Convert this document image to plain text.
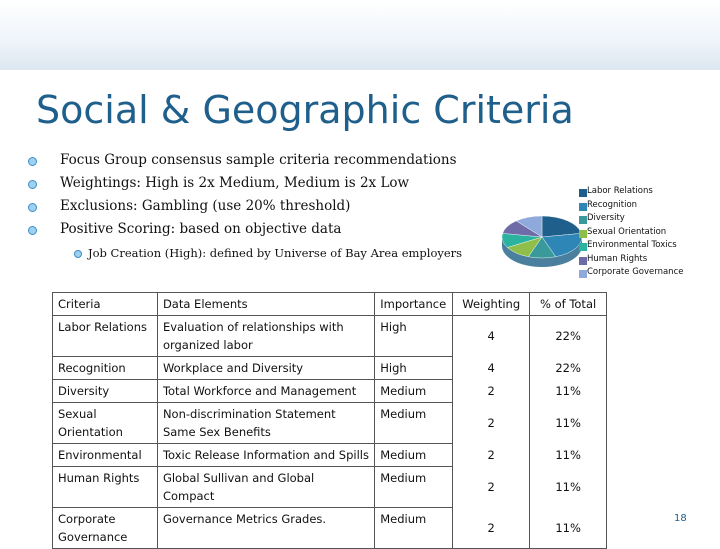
Social & Geographic Criteria
Focus Group consensus sample criteria recommendations
Weightings: High is 2x Medium, Medium is 2x Low
Exclusions: Gambling (use 20% threshold)
Positive Scoring: based on objective data
Job Creation (High): defined by Universe of Bay Area employers
Labor Relations
Recognition
Diversity
Sexual Orientation
Environmental Toxics
Human Rights
Corporate Governance
Criteria	Data Elements	Importance	Weighting	% of Total
Labor Relations	Evaluation of relationships with organized labor	High	4	22%
Recognition	Workplace and Diversity	High	4	22%
Diversity	Total Workforce and Management	Medium	2	11%
Sexual Orientation	Non-discrimination Statement Same Sex Benefits	Medium	2	11%
Environmental	Toxic Release Information and Spills	Medium	2	11%
Human Rights	Global Sullivan and Global Compact	Medium	2	11%
Corporate Governance	Governance Metrics Grades.	Medium	2	11%
18
